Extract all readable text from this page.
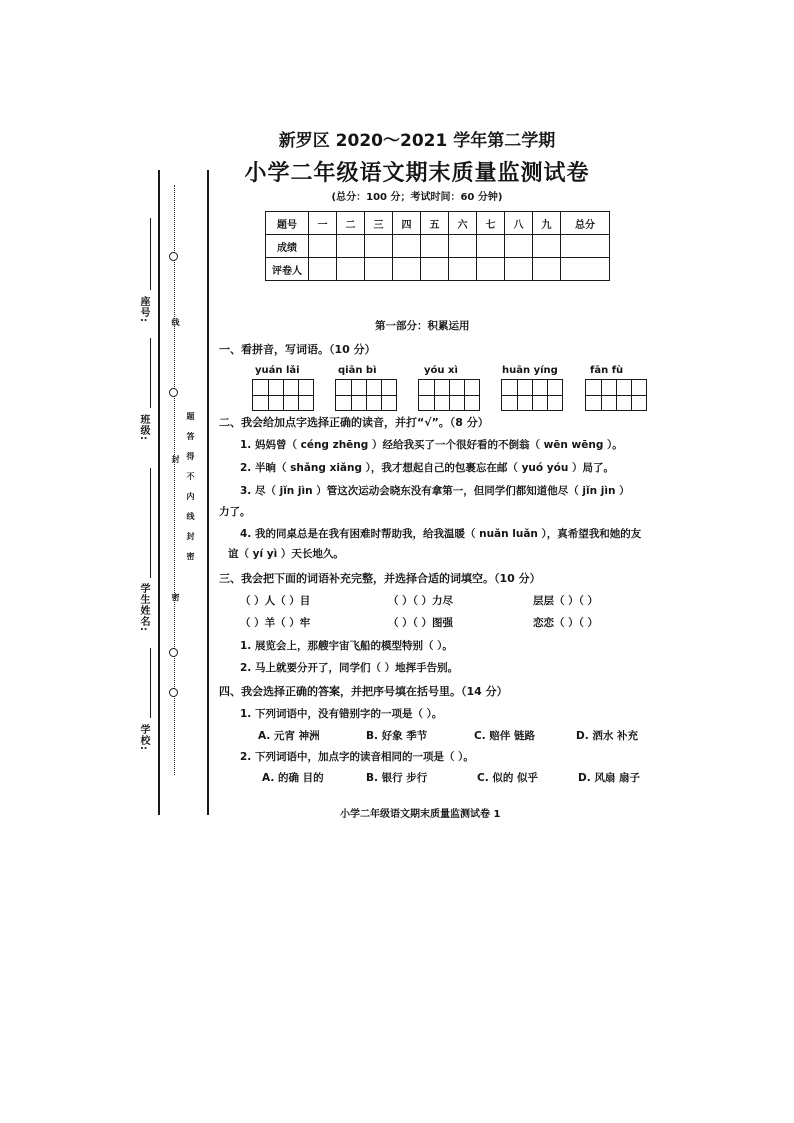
线
封
密
题
答
得
不
内
线
封
密
座号:
班级:
学生姓名:
学校:
新罗区 2020～2021 学年第二学期
小学二年级语文期末质量监测试卷
(总分：100 分；考试时间：60 分钟)
题号	一	二	三	四	五	六	七	八	九	总分
成绩										
评卷人										
第一部分：积累运用
一、看拼音，写词语。（10 分）
yuán lǎi	qiān bì	yóu xì	huān yíng	fān fù
二、我会给加点字选择正确的读音，并打“√”。（8 分）
1. 妈妈曾（ céng zhēng ）经给我买了一个很好看的不倒翁（ wēn wēng ）。
2. 半晌（ shǎng xiǎng ），我才想起自己的包裹忘在邮（ yuó yóu ）局了。
3. 尽（ jǐn jìn ）管这次运动会晓东没有拿第一，但同学们都知道他尽（ jǐn jìn ）
力了。
4. 我的同桌总是在我有困难时帮助我，给我温暖（ nuǎn luǎn ），真希望我和她的友
谊（ yí yì ）天长地久。
三、我会把下面的词语补充完整，并选择合适的词填空。（10 分）
（ ）人（ ）目	（ ）（ ）力尽	层层（ ）（ ）
（ ）羊（ ）牢	（ ）（ ）图强	恋恋（ ）（ ）
1. 展览会上，那艘宇宙飞船的模型特别（ ）。
2. 马上就要分开了，同学们（ ）地挥手告别。
四、我会选择正确的答案，并把序号填在括号里。（14 分）
1. 下列词语中，没有错别字的一项是（ ）。
A. 元宵 神洲	B. 好象 季节	C. 赔伴 链路	D. 洒水 补充
2. 下列词语中，加点字的读音相同的一项是（ ）。
A. 的确 目的	B. 银行 步行	C. 似的 似乎	D. 风扇 扇子
小学二年级语文期末质量监测试卷 1
